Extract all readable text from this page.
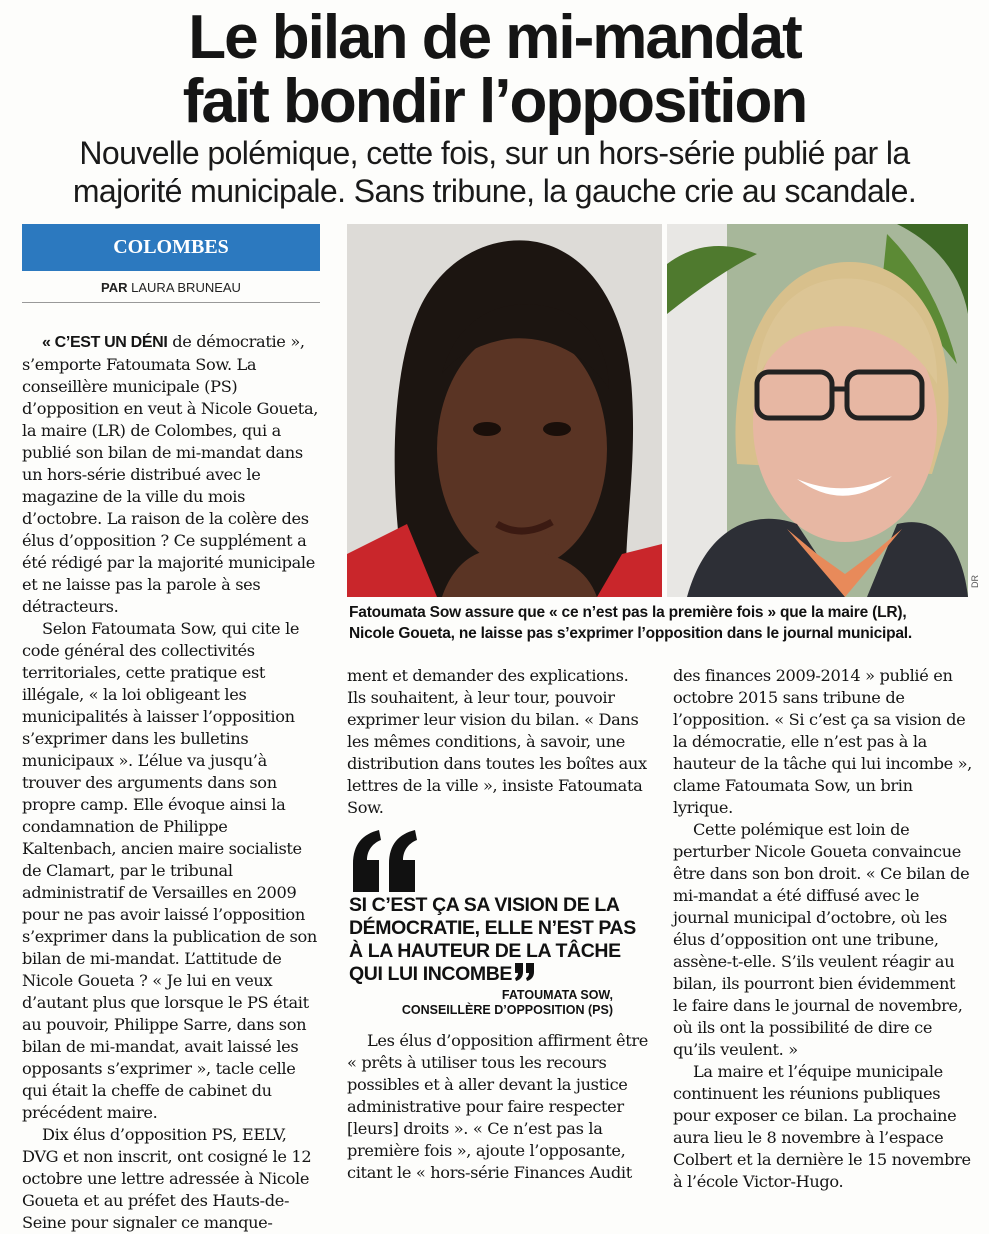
Le bilan de mi-mandat
fait bondir l’opposition
Nouvelle polémique, cette fois, sur un hors-série publié par la
majorité municipale. Sans tribune, la gauche crie au scandale.
COLOMBES
PAR LAURA BRUNEAU
DR
Fatoumata Sow assure que « ce n’est pas la première fois » que la maire (LR),
Nicole Goueta, ne laisse pas s’exprimer l’opposition dans le journal municipal.

« C’EST UN DÉNI de démocratie », s’emporte Fatoumata Sow. La conseillère municipale (PS) d’opposition en veut à Nicole Goueta, la maire (LR) de Colombes, qui a publié son bilan de mi-mandat dans un hors-série distribué avec le magazine de la ville du mois d’octobre. La raison de la colère des élus d’opposition ? Ce supplément a été rédigé par la majorité municipale et ne laisse pas la parole à ses détracteurs.

Selon Fatoumata Sow, qui cite le code général des collectivités territoriales, cette pratique est illégale, « la loi obligeant les municipalités à laisser l’opposition s’exprimer dans les bulletins municipaux ». L’élue va jusqu’à trouver des arguments dans son propre camp. Elle évoque ainsi la condamnation de Philippe Kaltenbach, ancien maire socialiste de Clamart, par le tribunal administratif de Versailles en 2009 pour ne pas avoir laissé l’opposition s’exprimer dans la publication de son bilan de mi-mandat. L’attitude de Nicole Goueta ? « Je lui en veux d’autant plus que lorsque le PS était au pouvoir, Philippe Sarre, dans son bilan de mi-mandat, avait laissé les opposants s’exprimer », tacle celle qui était la cheffe de cabinet du précédent maire.

Dix élus d’opposition PS, EELV, DVG et non inscrit, ont cosigné le 12 octobre une lettre adressée à Nicole Goueta et au préfet des Hauts-de-Seine pour signaler ce manque-

ment et demander des explications. Ils souhaitent, à leur tour, pouvoir exprimer leur vision du bilan. « Dans les mêmes conditions, à savoir, une distribution dans toutes les boîtes aux lettres de la ville », insiste Fatoumata Sow.

SI C’EST ÇA SA VISION DE LA DÉMOCRATIE, ELLE N’EST PAS À LA HAUTEUR DE LA TÂCHE QUI LUI INCOMBE
FATOUMATA SOW,
CONSEILLÈRE D’OPPOSITION (PS)

Les élus d’opposition affirment être « prêts à utiliser tous les recours possibles et à aller devant la justice administrative pour faire respecter [leurs] droits ». « Ce n’est pas la première fois », ajoute l’opposante, citant le « hors-série Finances Audit

des finances 2009-2014 » publié en octobre 2015 sans tribune de l’opposition. « Si c’est ça sa vision de la démocratie, elle n’est pas à la hauteur de la tâche qui lui incombe », clame Fatoumata Sow, un brin lyrique.

Cette polémique est loin de perturber Nicole Goueta convaincue être dans son bon droit. « Ce bilan de mi-mandat a été diffusé avec le journal municipal d’octobre, où les élus d’opposition ont une tribune, assène-t-elle. S’ils veulent réagir au bilan, ils pourront bien évidemment le faire dans le journal de novembre, où ils ont la possibilité de dire ce qu’ils veulent. »

La maire et l’équipe municipale continuent les réunions publiques pour exposer ce bilan. La prochaine aura lieu le 8 novembre à l’espace Colbert et la dernière le 15 novembre à l’école Victor-Hugo.
